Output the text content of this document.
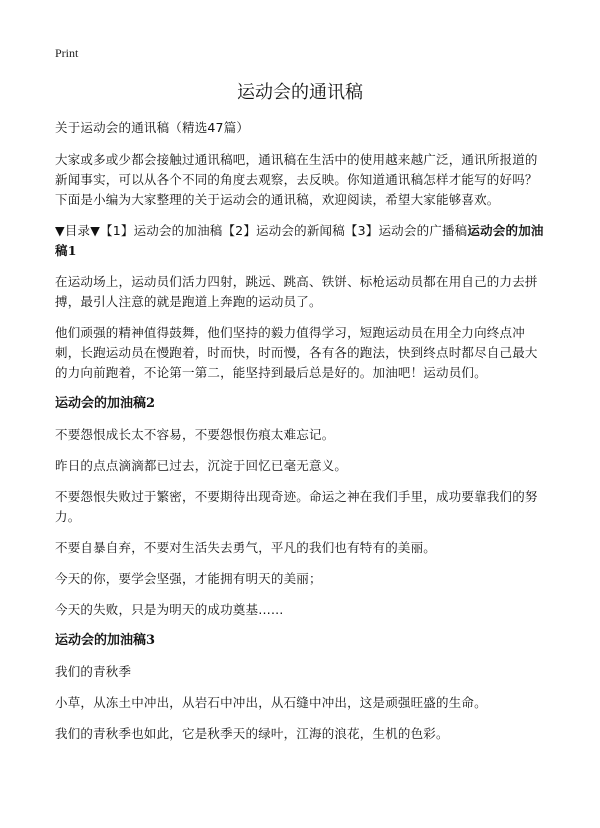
Print
运动会的通讯稿

关于运动会的通讯稿（精选47篇）

大家或多或少都会接触过通讯稿吧，通讯稿在生活中的使用越来越广泛，通讯所报道的新闻事实，可以从各个不同的角度去观察，去反映。你知道通讯稿怎样才能写的好吗？下面是小编为大家整理的关于运动会的通讯稿，欢迎阅读，希望大家能够喜欢。

▼目录▼【1】运动会的加油稿【2】运动会的新闻稿【3】运动会的广播稿运动会的加油稿1

在运动场上，运动员们活力四射，跳远、跳高、铁饼、标枪运动员都在用自己的力去拼搏，最引人注意的就是跑道上奔跑的运动员了。

他们顽强的精神值得鼓舞，他们坚持的毅力值得学习，短跑运动员在用全力向终点冲刺，长跑运动员在慢跑着，时而快，时而慢，各有各的跑法，快到终点时都尽自己最大的力向前跑着，不论第一第二，能坚持到最后总是好的。加油吧！运动员们。

运动会的加油稿2

不要怨恨成长太不容易，不要怨恨伤痕太难忘记。

昨日的点点滴滴都已过去，沉淀于回忆已毫无意义。

不要怨恨失败过于繁密，不要期待出现奇迹。命运之神在我们手里，成功要靠我们的努力。

不要自暴自弃，不要对生活失去勇气，平凡的我们也有特有的美丽。

今天的你，要学会坚强，才能拥有明天的美丽；

今天的失败，只是为明天的成功奠基……

运动会的加油稿3

我们的青秋季

小草，从冻土中冲出，从岩石中冲出，从石缝中冲出，这是顽强旺盛的生命。

我们的青秋季也如此，它是秋季天的绿叶，江海的浪花，生机的色彩。
